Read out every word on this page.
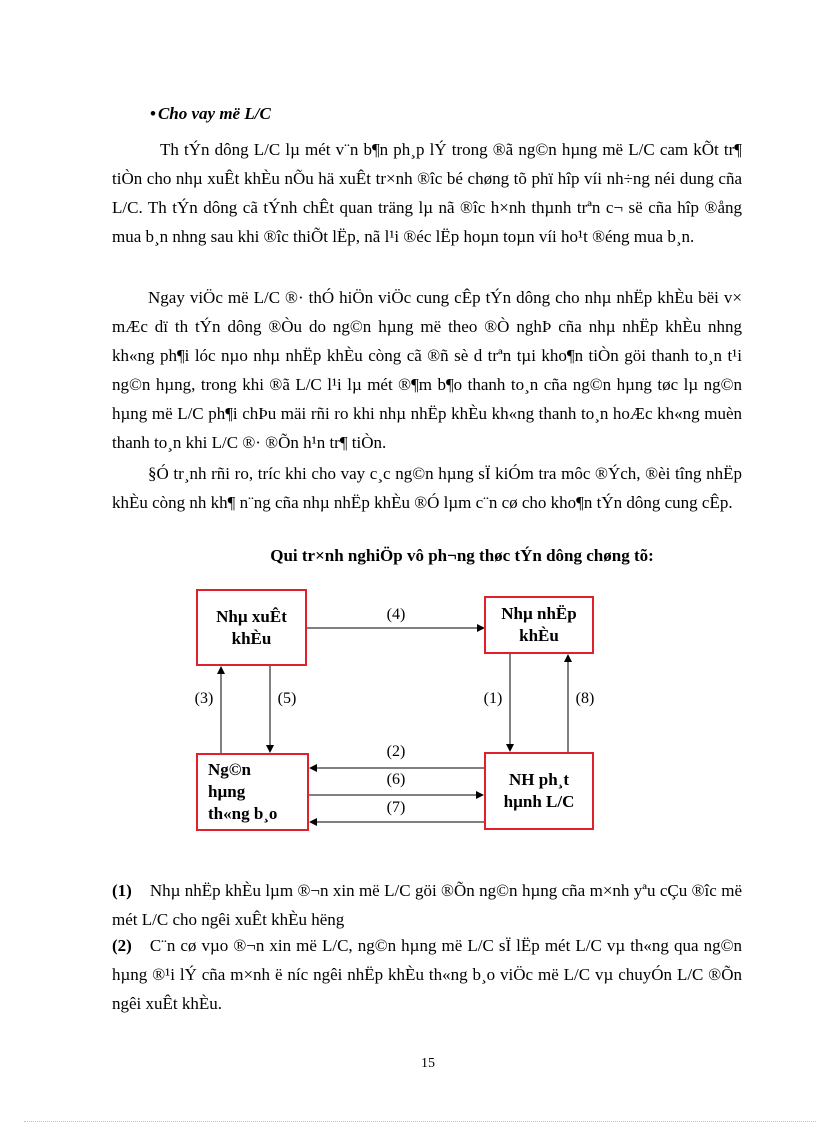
• Cho vay më L/C

Th tÝn dông L/C lµ mét v¨n b¶n ph¸p lÝ trong ®ã ng©n hµng më L/C cam kÕt tr¶ tiÒn cho nhµ xuÊt khÈu nÕu hä xuÊt tr×nh ®îc bé chøng tõ phï hîp víi nh÷ng néi dung cña L/C. Th tÝn dông cã tÝnh chÊt quan träng lµ nã ®îc h×nh thµnh trªn c¬ së cña hîp ®ång mua b¸n nhng sau khi ®îc thiÕt lËp, nã l¹i ®éc lËp hoµn toµn víi ho¹t ®éng mua b¸n.

Ngay viÖc më L/C ®· thÓ hiÖn viÖc cung cÊp tÝn dông cho nhµ nhËp khÈu bëi v× mÆc dï th tÝn dông ®Òu do ng©n hµng më theo ®Ò nghÞ cña nhµ nhËp khÈu nhng kh«ng ph¶i lóc nµo nhµ nhËp khÈu còng cã ®ñ sè d trªn tµi kho¶n tiÒn göi thanh to¸n t¹i ng©n hµng, trong khi ®ã L/C l¹i lµ mét ®¶m b¶o thanh to¸n cña ng©n hµng tøc lµ ng©n hµng më L/C ph¶i chÞu mäi rñi ro khi nhµ nhËp khÈu kh«ng thanh to¸n hoÆc kh«ng muèn thanh to¸n khi L/C ®· ®Õn h¹n tr¶ tiÒn.

§Ó tr¸nh rñi ro, tríc khi cho vay c¸c ng©n hµng sÏ kiÓm tra môc ®Ých, ®èi tîng nhËp khÈu còng nh kh¶ n¨ng cña nhµ nhËp khÈu ®Ó lµm c¨n cø cho kho¶n tÝn dông cung cÊp.

Qui tr×nh nghiÖp vô ph¬ng thøc tÝn dông chøng tõ:
Nhµ xuÊt
khÈu
Nhµ nhËp
khÈu
Ng©n
hµng
th«ng b¸o
NH ph¸t
hµnh L/C
(4)
(3)	(5)	(1)	(8)
(2)
(6)
(7)

(1) Nhµ nhËp khÈu lµm ®¬n xin më L/C göi ®Õn ng©n hµng cña m×nh yªu cÇu ®îc më mét L/C cho ngêi xuÊt khÈu hëng

(2) C¨n cø vµo ®¬n xin më L/C, ng©n hµng më L/C sÏ lËp mét L/C vµ th«ng qua ng©n hµng ®¹i lÝ cña m×nh ë níc ngêi nhËp khÈu th«ng b¸o viÖc më L/C vµ chuyÓn L/C ®Õn ngêi xuÊt khÈu.

15
